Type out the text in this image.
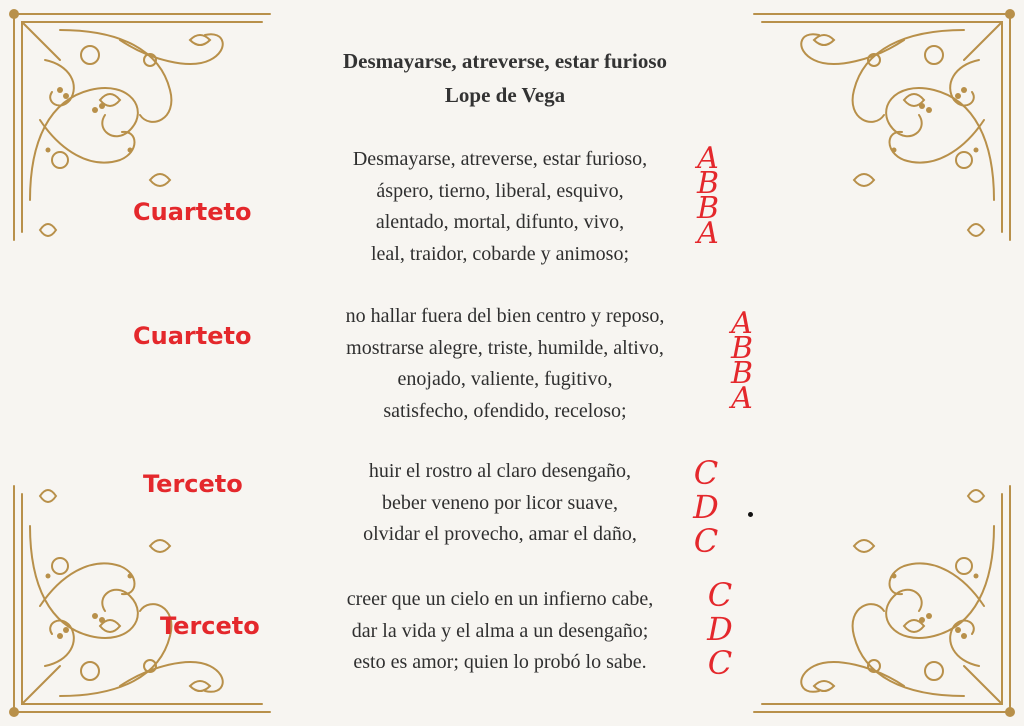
Desmayarse, atreverse, estar furioso
Lope de Vega
Cuarteto
Desmayarse, atreverse, estar furioso,
áspero, tierno, liberal, esquivo,
alentado, mortal, difunto, vivo,
leal, traidor, cobarde y animoso;
A
B
B
A
Cuarteto
no hallar fuera del bien centro y reposo,
mostrarse alegre, triste, humilde, altivo,
enojado, valiente, fugitivo,
satisfecho, ofendido, receloso;
A
B
B
A
Terceto	huir el rostro al claro desengaño,
beber veneno por licor suave,
olvidar el provecho, amar el daño,
C
D
C
Terceto
creer que un cielo en un infierno cabe,
dar la vida y el alma a un desengaño;
esto es amor; quien lo probó lo sabe.
C
D
C
